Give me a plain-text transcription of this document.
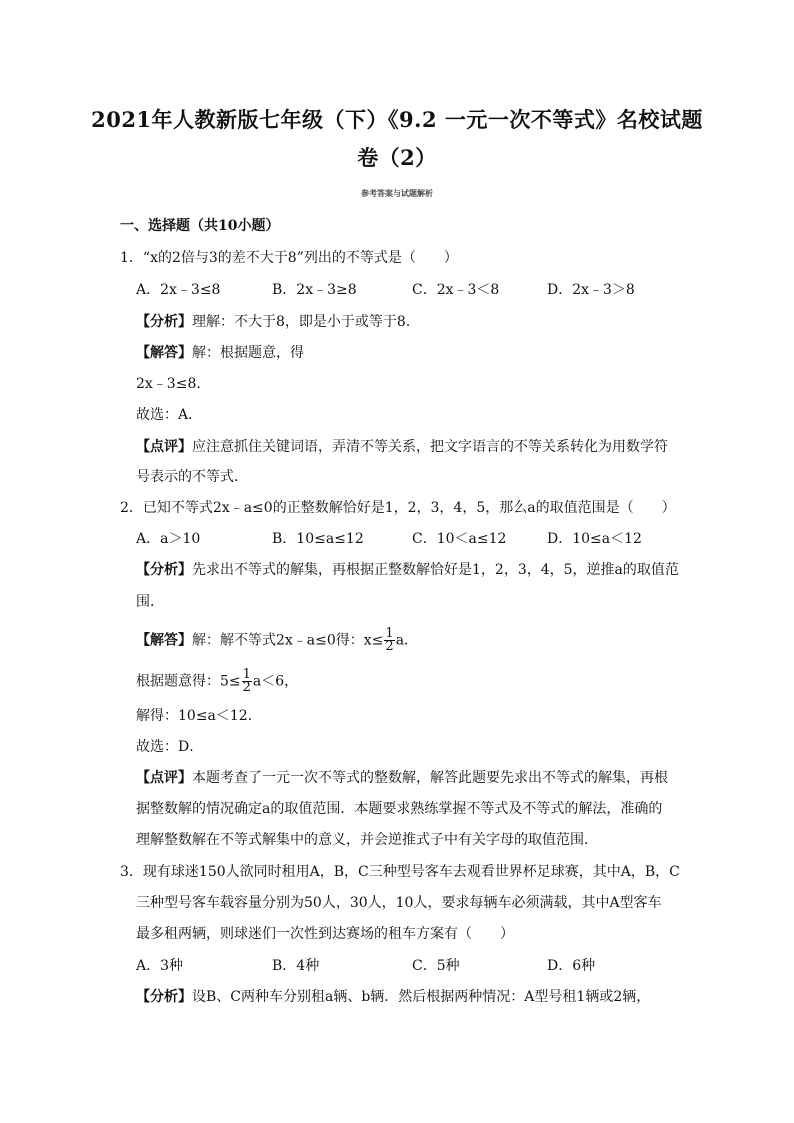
2021年人教新版七年级（下）《9.2 一元一次不等式》名校试题
卷（2）
参考答案与试题解析
一、选择题（共10小题）
1．“x的2倍与3的差不大于8”列出的不等式是（　　）
A．2x﹣3≤8	B．2x﹣3≥8	C．2x﹣3＜8	D．2x﹣3＞8
【分析】理解：不大于8，即是小于或等于8．
【解答】解：根据题意，得
2x﹣3≤8．
故选：A．
【点评】应注意抓住关键词语，弄清不等关系，把文字语言的不等关系转化为用数学符
号表示的不等式．
2．已知不等式2x﹣a≤0的正整数解恰好是1，2，3，4，5，那么a的取值范围是（　　）
A．a＞10	B．10≤a≤12	C．10＜a≤12	D．10≤a＜12
【分析】先求出不等式的解集，再根据正整数解恰好是1，2，3，4，5，逆推a的取值范
围．
【解答】解：解不等式2x﹣a≤0得：$x\le \frac{1}{2}$ a．
根据题意得：$5\le \frac{1}{2} a<6$，
解得：10≤a＜12．
故选：D．
【点评】本题考查了一元一次不等式的整数解，解答此题要先求出不等式的解集，再根
据整数解的情况确定a的取值范围．本题要求熟练掌握不等式及不等式的解法，准确的
理解整数解在不等式解集中的意义，并会逆推式子中有关字母的取值范围．
3．现有球迷150人欲同时租用A，B，C三种型号客车去观看世界杯足球赛，其中A，B，C
三种型号客车载容量分别为50人，30人，10人，要求每辆车必须满载，其中A型客车
最多租两辆，则球迷们一次性到达赛场的租车方案有（　　）
A．3种	B．4种	C．5种	D．6种
【分析】设B、C两种车分别租a辆、b辆．然后根据两种情况：A型号租1辆或2辆，
